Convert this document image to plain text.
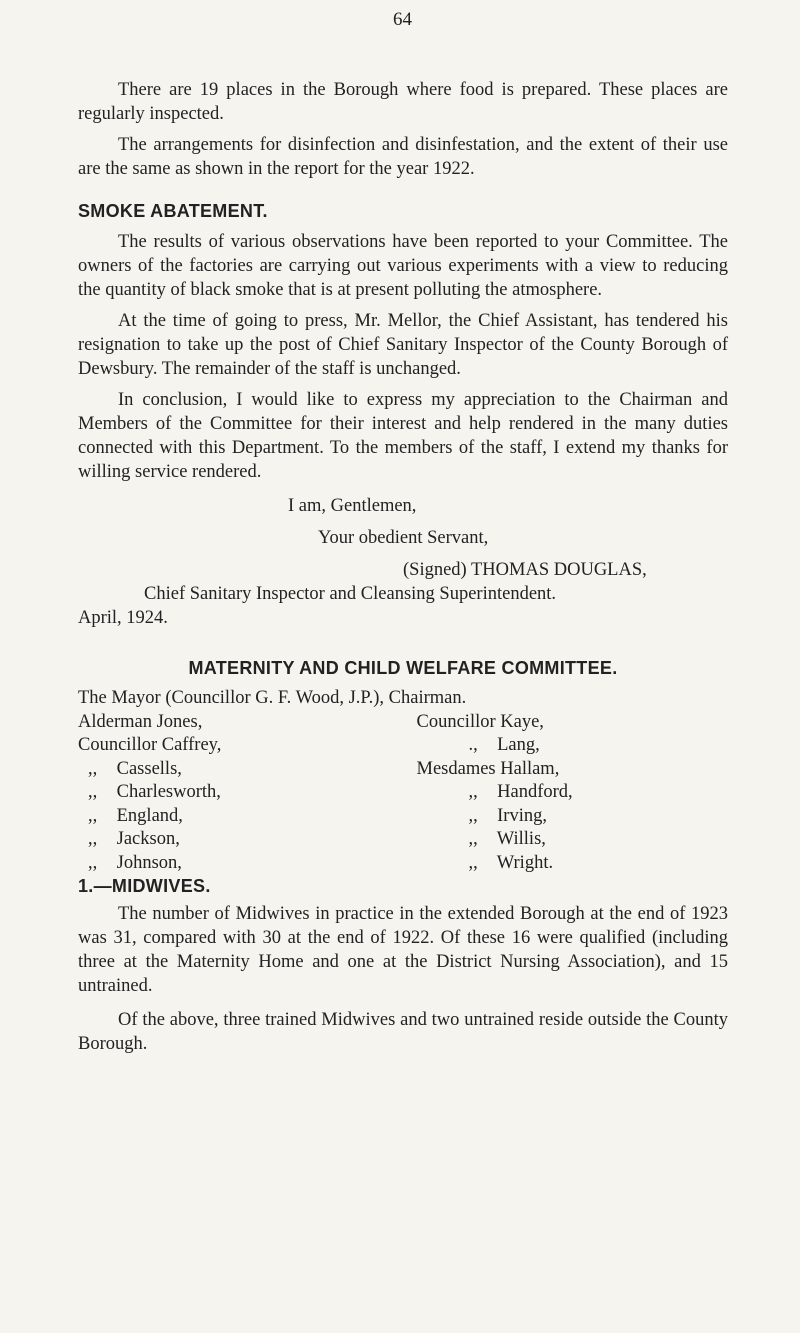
64

There are 19 places in the Borough where food is prepared. These places are regularly inspected.

The arrangements for disinfection and disinfestation, and the extent of their use are the same as shown in the report for the year 1922.

SMOKE ABATEMENT.

The results of various observations have been reported to your Committee. The owners of the factories are carrying out various experiments with a view to reducing the quantity of black smoke that is at present polluting the atmosphere.

At the time of going to press, Mr. Mellor, the Chief Assistant, has tendered his resignation to take up the post of Chief Sanitary Inspector of the County Borough of Dewsbury. The remainder of the staff is unchanged.

In conclusion, I would like to express my appreciation to the Chairman and Members of the Committee for their interest and help rendered in the many duties connected with this Department. To the members of the staff, I extend my thanks for willing service rendered.

I am, Gentlemen,
Your obedient Servant,
(Signed) THOMAS DOUGLAS,
Chief Sanitary Inspector and Cleansing Superintendent.
April, 1924.
MATERNITY AND CHILD WELFARE COMMITTEE.
The Mayor (Councillor G. F. Wood, J.P.), Chairman.
Alderman Jones,
Councillor Caffrey,
,, Cassells,
,, Charlesworth,
,, England,
,, Jackson,
,, Johnson,
Councillor Kaye,
., Lang,
Mesdames Hallam,
,, Handford,
,, Irving,
,, Willis,
,, Wright.
1.—MIDWIVES.

The number of Midwives in practice in the extended Borough at the end of 1923 was 31, compared with 30 at the end of 1922. Of these 16 were qualified (including three at the Maternity Home and one at the District Nursing Association), and 15 untrained.

Of the above, three trained Midwives and two untrained reside outside the County Borough.
